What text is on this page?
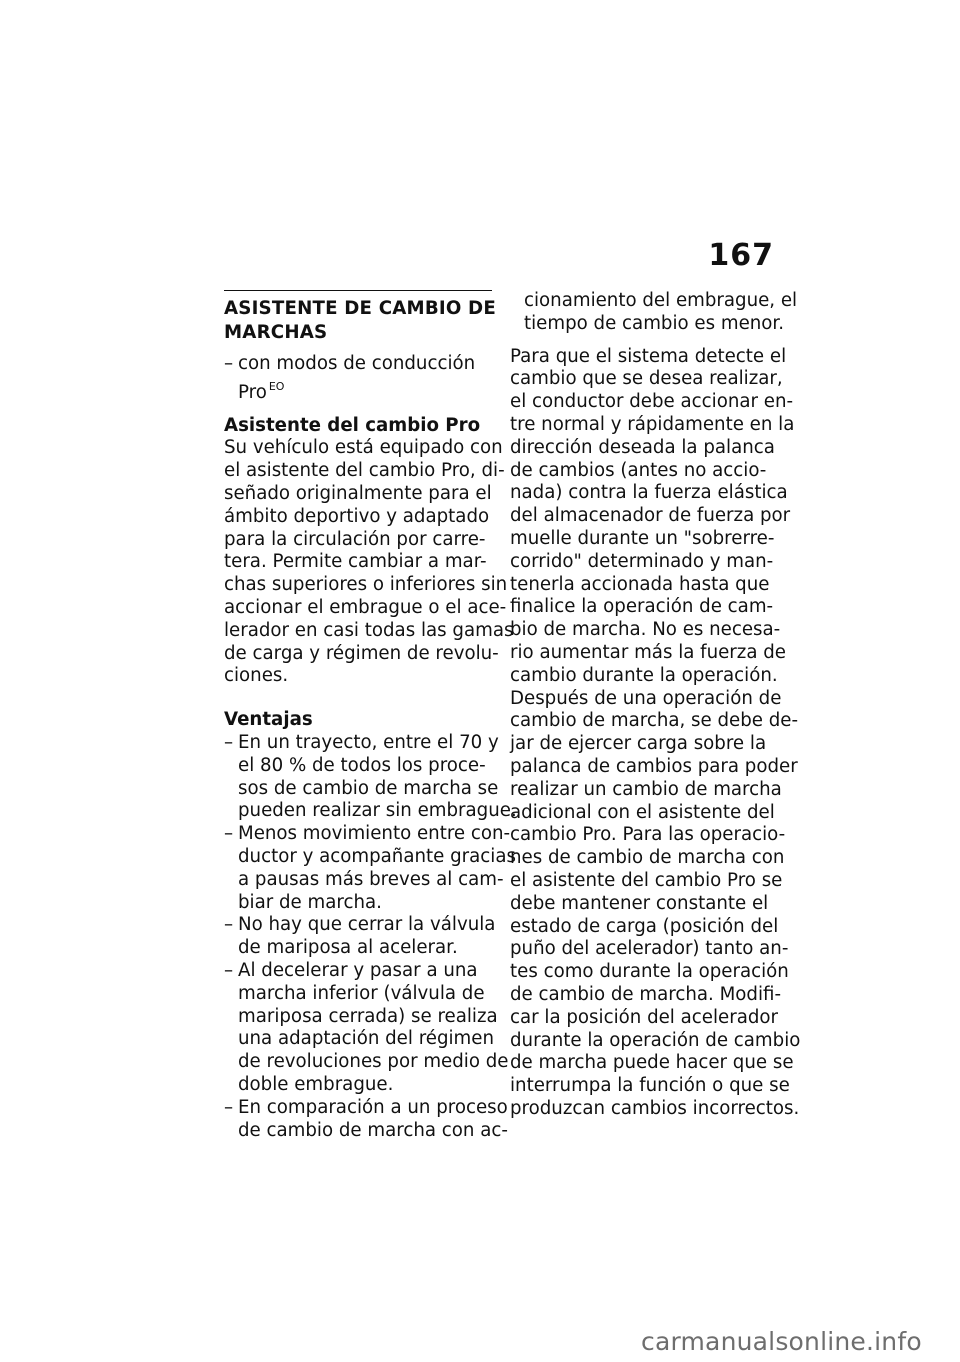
167
ASISTENTE DE CAMBIO DE
MARCHAS
– con modos de conducción
Pro $^{EO}$
Asistente del cambio Pro
Su vehículo está equipado con
el asistente del cambio Pro, di-
señado originalmente para el
ámbito deportivo y adaptado
para la circulación por carre-
tera. Permite cambiar a mar-
chas superiores o inferiores sin
accionar el embrague o el ace-
lerador en casi todas las gamas
de carga y régimen de revolu-
ciones.
Ventajas
– En un trayecto, entre el 70 y
el 80 % de todos los proce-
sos de cambio de marcha se
pueden realizar sin embrague.
– Menos movimiento entre con-
ductor y acompañante gracias
a pausas más breves al cam-
biar de marcha.
– No hay que cerrar la válvula
de mariposa al acelerar.
– Al decelerar y pasar a una
marcha inferior (válvula de
mariposa cerrada) se realiza
una adaptación del régimen
de revoluciones por medio de
doble embrague.
– En comparación a un proceso
de cambio de marcha con ac-
cionamiento del embrague, el
tiempo de cambio es menor.
Para que el sistema detecte el
cambio que se desea realizar,
el conductor debe accionar en-
tre normal y rápidamente en la
dirección deseada la palanca
de cambios (antes no accio-
nada) contra la fuerza elástica
del almacenador de fuerza por
muelle durante un "sobrerre-
corrido" determinado y man-
tenerla accionada hasta que
finalice la operación de cam-
bio de marcha. No es necesa-
rio aumentar más la fuerza de
cambio durante la operación.
Después de una operación de
cambio de marcha, se debe de-
jar de ejercer carga sobre la
palanca de cambios para poder
realizar un cambio de marcha
adicional con el asistente del
cambio Pro. Para las operacio-
nes de cambio de marcha con
el asistente del cambio Pro se
debe mantener constante el
estado de carga (posición del
puño del acelerador) tanto an-
tes como durante la operación
de cambio de marcha. Modifi-
car la posición del acelerador
durante la operación de cambio
de marcha puede hacer que se
interrumpa la función o que se
produzcan cambios incorrectos.
carmanualsonline.info
